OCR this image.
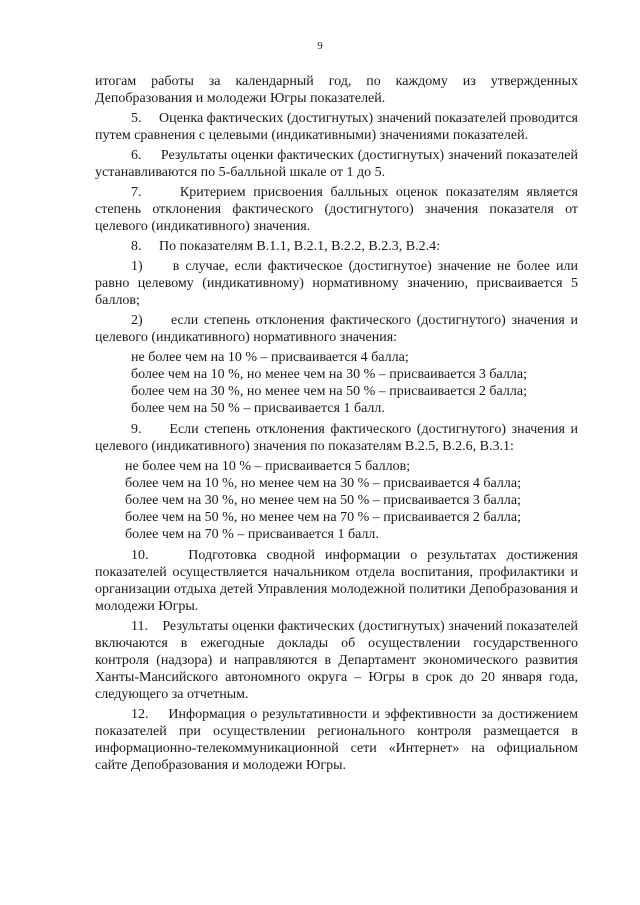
9

итогам работы за календарный год, по каждому из утвержденных Депобразования и молодежи Югры показателей.

5.     Оценка фактических (достигнутых) значений показателей проводится путем сравнения с целевыми (индикативными) значениями показателей.

6.     Результаты оценки фактических (достигнутых) значений показателей устанавливаются по 5-балльной шкале от 1 до 5.

7.     Критерием присвоения балльных оценок показателям является степень отклонения фактического (достигнутого) значения показателя от целевого (индикативного) значения.

8.     По показателям В.1.1, В.2.1, В.2.2, В.2.3, В.2.4:

1)     в случае, если фактическое (достигнутое) значение не более или равно целевому (индикативному) нормативному значению, присваивается 5 баллов;

2)     если степень отклонения фактического (достигнутого) значения и целевого (индикативного) нормативного значения:

не более чем на 10 % – присваивается 4 балла;

более чем на 10 %, но менее чем на 30 % – присваивается 3 балла;

более чем на 30 %, но менее чем на 50 % – присваивается 2 балла;

более чем на 50 % – присваивается 1 балл.

9.     Если степень отклонения фактического (достигнутого) значения и целевого (индикативного) значения по показателям В.2.5, В.2.6, В.3.1:

не более чем на 10 % – присваивается 5 баллов;

более чем на 10 %, но менее чем на 30 % – присваивается 4 балла;

более чем на 30 %, но менее чем на 50 % – присваивается 3 балла;

более чем на 50 %, но менее чем на 70 % – присваивается 2 балла;

более чем на 70 % – присваивается 1 балл.

10.    Подготовка сводной информации о результатах достижения показателей осуществляется начальником отдела воспитания, профилактики и организации отдыха детей Управления молодежной политики Депобразования и молодежи Югры.

11.    Результаты оценки фактических (достигнутых) значений показателей включаются в ежегодные доклады об осуществлении государственного контроля (надзора) и направляются в Департамент экономического развития Ханты-Мансийского автономного округа – Югры в срок до 20 января года, следующего за отчетным.

12.    Информация о результативности и эффективности за достижением показателей при осуществлении регионального контроля размещается в информационно-телекоммуникационной сети «Интернет» на официальном сайте Депобразования и молодежи Югры.
